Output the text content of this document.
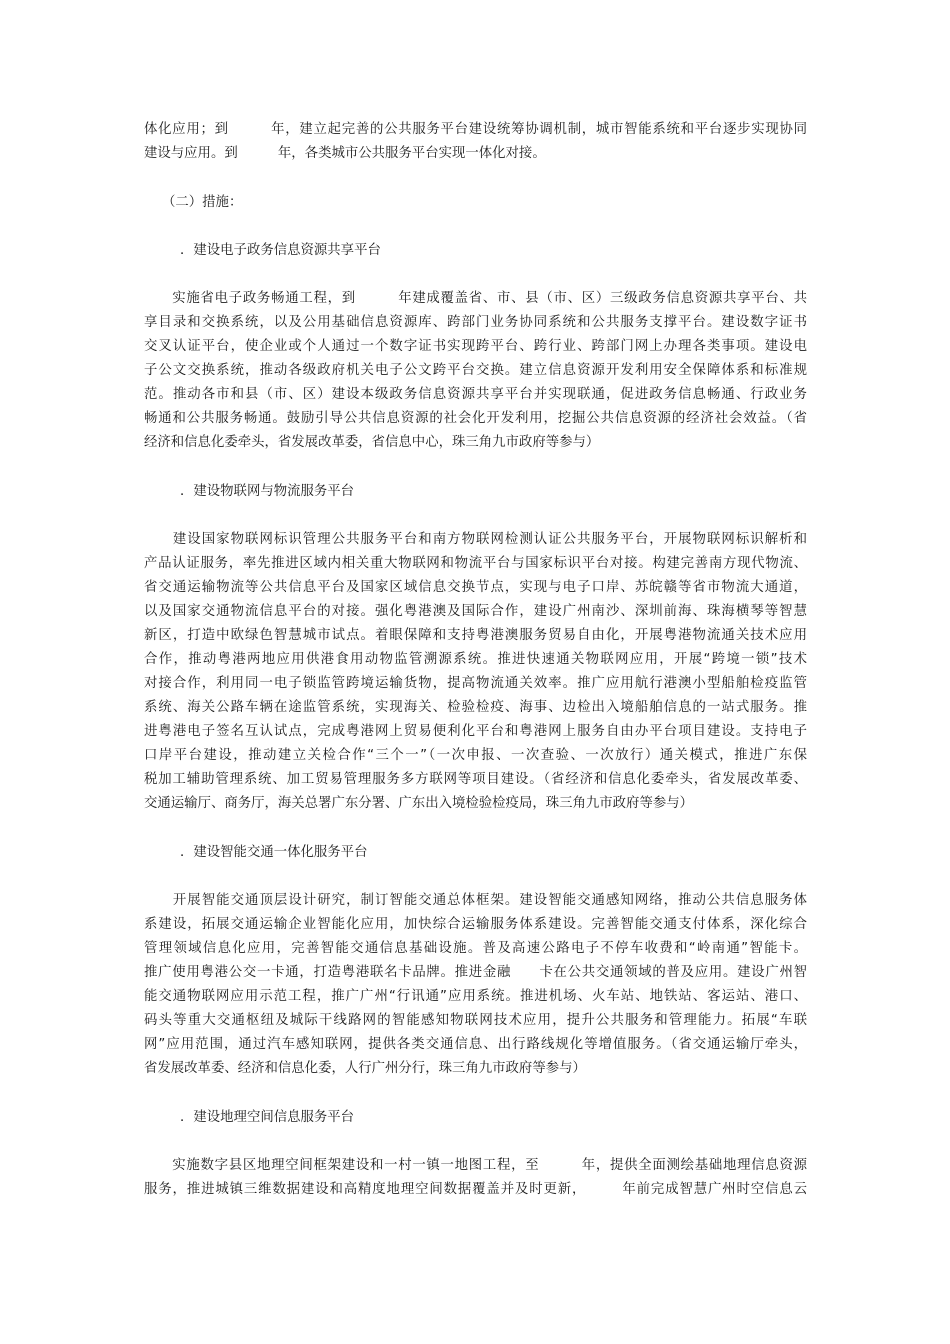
体化应用；到　　　年，建立起完善的公共服务平台建设统筹协调机制，城市智能系统和平台逐步实现协同
建设与应用。到　　　年，各类城市公共服务平台实现一体化对接。
（二）措施：
．建设电子政务信息资源共享平台
　　实施省电子政务畅通工程，到　　　年建成覆盖省、市、县（市、区）三级政务信息资源共享平台、共
享目录和交换系统，以及公用基础信息资源库、跨部门业务协同系统和公共服务支撑平台。建设数字证书
交叉认证平台，使企业或个人通过一个数字证书实现跨平台、跨行业、跨部门网上办理各类事项。建设电
子公文交换系统，推动各级政府机关电子公文跨平台交换。建立信息资源开发利用安全保障体系和标准规
范。推动各市和县（市、区）建设本级政务信息资源共享平台并实现联通，促进政务信息畅通、行政业务
畅通和公共服务畅通。鼓励引导公共信息资源的社会化开发利用，挖掘公共信息资源的经济社会效益。（省
经济和信息化委牵头，省发展改革委，省信息中心，珠三角九市政府等参与）
．建设物联网与物流服务平台
　　建设国家物联网标识管理公共服务平台和南方物联网检测认证公共服务平台，开展物联网标识解析和
产品认证服务，率先推进区域内相关重大物联网和物流平台与国家标识平台对接。构建完善南方现代物流、
省交通运输物流等公共信息平台及国家区域信息交换节点，实现与电子口岸、苏皖赣等省市物流大通道，
以及国家交通物流信息平台的对接。强化粤港澳及国际合作，建设广州南沙、深圳前海、珠海横琴等智慧
新区，打造中欧绿色智慧城市试点。着眼保障和支持粤港澳服务贸易自由化，开展粤港物流通关技术应用
合作，推动粤港两地应用供港食用动物监管溯源系统。推进快速通关物联网应用，开展“跨境一锁”技术
对接合作，利用同一电子锁监管跨境运输货物，提高物流通关效率。推广应用航行港澳小型船舶检疫监管
系统、海关公路车辆在途监管系统，实现海关、检验检疫、海事、边检出入境船舶信息的一站式服务。推
进粤港电子签名互认试点，完成粤港网上贸易便利化平台和粤港网上服务自由办平台项目建设。支持电子
口岸平台建设，推动建立关检合作“三个一”（一次申报、一次查验、一次放行）通关模式，推进广东保
税加工辅助管理系统、加工贸易管理服务多方联网等项目建设。（省经济和信息化委牵头，省发展改革委、
交通运输厅、商务厅，海关总署广东分署、广东出入境检验检疫局，珠三角九市政府等参与）
．建设智能交通一体化服务平台
　　开展智能交通顶层设计研究，制订智能交通总体框架。建设智能交通感知网络，推动公共信息服务体
系建设，拓展交通运输企业智能化应用，加快综合运输服务体系建设。完善智能交通支付体系，深化综合
管理领域信息化应用，完善智能交通信息基础设施。普及高速公路电子不停车收费和“岭南通”智能卡。
推广使用粤港公交一卡通，打造粤港联名卡品牌。推进金融　　卡在公共交通领域的普及应用。建设广州智
能交通物联网应用示范工程，推广广州“行讯通”应用系统。推进机场、火车站、地铁站、客运站、港口、
码头等重大交通枢纽及城际干线路网的智能感知物联网技术应用，提升公共服务和管理能力。拓展“车联
网”应用范围，通过汽车感知联网，提供各类交通信息、出行路线规化等增值服务。（省交通运输厅牵头，
省发展改革委、经济和信息化委，人行广州分行，珠三角九市政府等参与）
．建设地理空间信息服务平台
　　实施数字县区地理空间框架建设和一村一镇一地图工程，至　　　年，提供全面测绘基础地理信息资源
服务，推进城镇三维数据建设和高精度地理空间数据覆盖并及时更新，　　　年前完成智慧广州时空信息云
